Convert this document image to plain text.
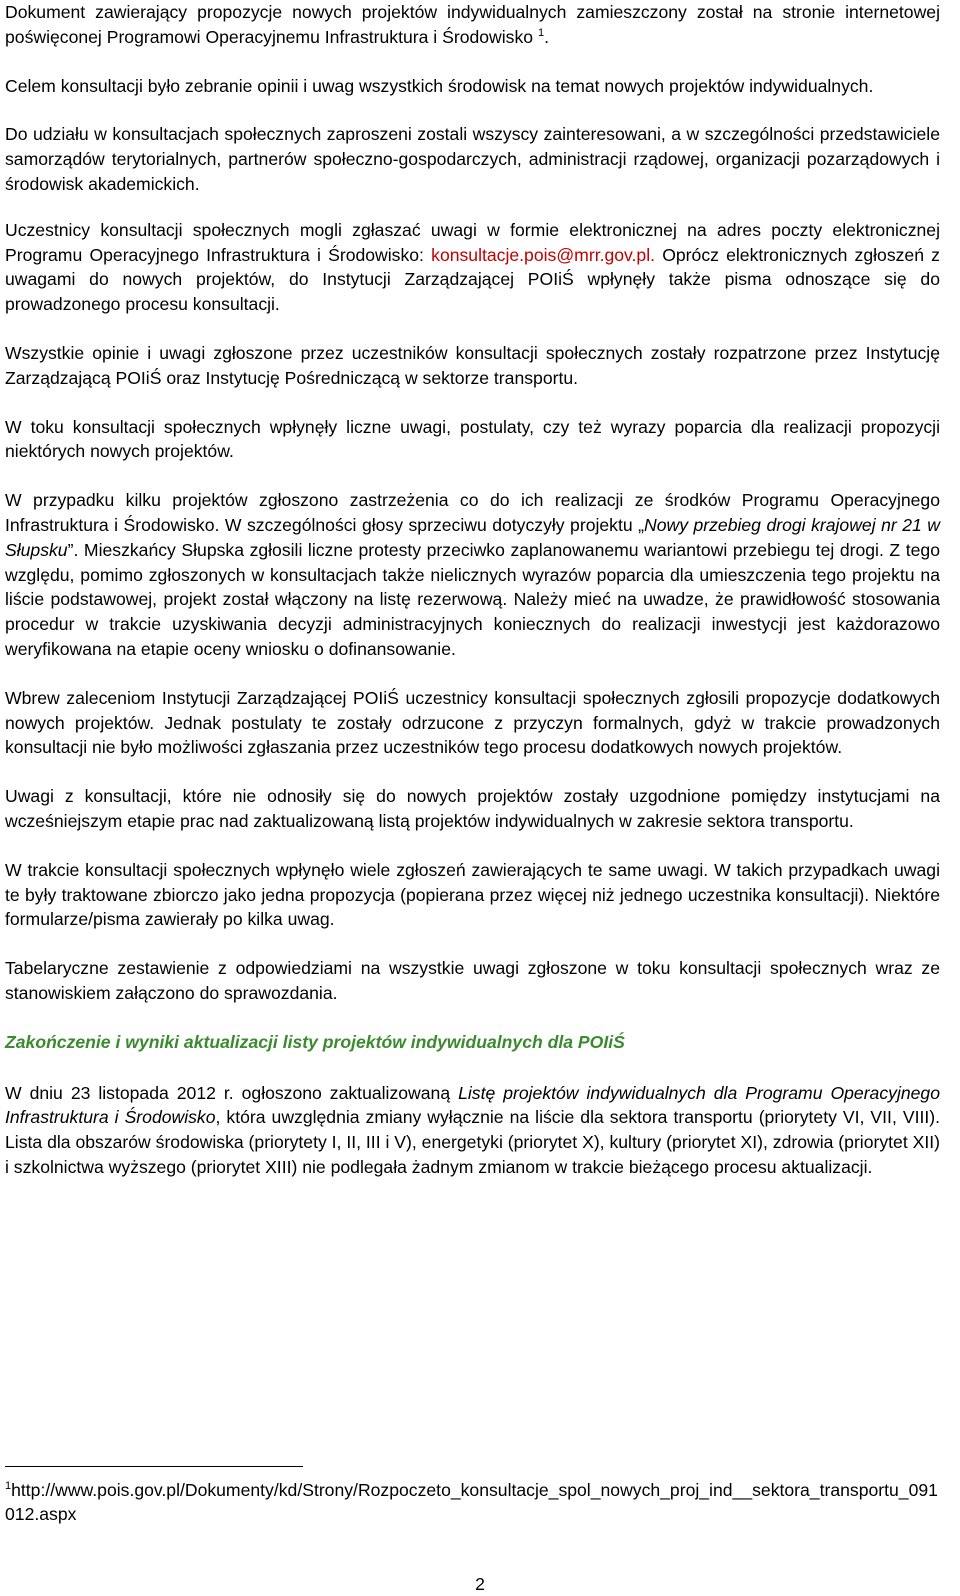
Dokument zawierający propozycje nowych projektów indywidualnych zamieszczony został na stronie internetowej poświęconej Programowi Operacyjnemu Infrastruktura i Środowisko $^1$.

Celem konsultacji było zebranie opinii i uwag wszystkich środowisk na temat nowych projektów indywidualnych.

Do udziału w konsultacjach społecznych zaproszeni zostali wszyscy zainteresowani, a w szczególności przedstawiciele samorządów terytorialnych, partnerów społeczno-gospodarczych, administracji rządowej, organizacji pozarządowych i środowisk akademickich.

Uczestnicy konsultacji społecznych mogli zgłaszać uwagi w formie elektronicznej na adres poczty elektronicznej Programu Operacyjnego Infrastruktura i Środowisko: konsultacje.pois@mrr.gov.pl. Oprócz elektronicznych zgłoszeń z uwagami do nowych projektów, do Instytucji Zarządzającej POIiŚ wpłynęły także pisma odnoszące się do prowadzonego procesu konsultacji.

Wszystkie opinie i uwagi zgłoszone przez uczestników konsultacji społecznych zostały rozpatrzone przez Instytucję Zarządzającą POIiŚ oraz Instytucję Pośredniczącą w sektorze transportu.

W toku konsultacji społecznych wpłynęły liczne uwagi, postulaty, czy też wyrazy poparcia dla realizacji propozycji niektórych nowych projektów.

W przypadku kilku projektów zgłoszono zastrzeżenia co do ich realizacji ze środków Programu Operacyjnego Infrastruktura i Środowisko. W szczególności głosy sprzeciwu dotyczyły projektu „Nowy przebieg drogi krajowej nr 21 w Słupsku”. Mieszkańcy Słupska zgłosili liczne protesty przeciwko zaplanowanemu wariantowi przebiegu tej drogi. Z tego względu, pomimo zgłoszonych w konsultacjach także nielicznych wyrazów poparcia dla umieszczenia tego projektu na liście podstawowej, projekt został włączony na listę rezerwową. Należy mieć na uwadze, że prawidłowość stosowania procedur w trakcie uzyskiwania decyzji administracyjnych koniecznych do realizacji inwestycji jest każdorazowo weryfikowana na etapie oceny wniosku o dofinansowanie.

Wbrew zaleceniom Instytucji Zarządzającej POIiŚ uczestnicy konsultacji społecznych zgłosili propozycje dodatkowych nowych projektów. Jednak postulaty te zostały odrzucone z przyczyn formalnych, gdyż w trakcie prowadzonych konsultacji nie było możliwości zgłaszania przez uczestników tego procesu dodatkowych nowych projektów.

Uwagi z konsultacji, które nie odnosiły się do nowych projektów zostały uzgodnione pomiędzy instytucjami na wcześniejszym etapie prac nad zaktualizowaną listą projektów indywidualnych w zakresie sektora transportu.

W trakcie konsultacji społecznych wpłynęło wiele zgłoszeń zawierających te same uwagi. W takich przypadkach uwagi te były traktowane zbiorczo jako jedna propozycja (popierana przez więcej niż jednego uczestnika konsultacji). Niektóre formularze/pisma zawierały po kilka uwag.

Tabelaryczne zestawienie z odpowiedziami na wszystkie uwagi zgłoszone w toku konsultacji społecznych wraz ze stanowiskiem załączono do sprawozdania.

Zakończenie i wyniki aktualizacji listy projektów indywidualnych dla POIiŚ

W dniu 23 listopada 2012 r. ogłoszono zaktualizowaną Listę projektów indywidualnych dla Programu Operacyjnego Infrastruktura i Środowisko, która uwzględnia zmiany wyłącznie na liście dla sektora transportu (priorytety VI, VII, VIII). Lista dla obszarów środowiska (priorytety I, II, III i V), energetyki (priorytet X), kultury (priorytet XI), zdrowia (priorytet XII) i szkolnictwa wyższego (priorytet XIII) nie podlegała żadnym zmianom w trakcie bieżącego procesu aktualizacji.

$^1$http://www.pois.gov.pl/Dokumenty/kd/Strony/Rozpoczeto_konsultacje_spol_nowych_proj_ind__sektora_transportu_091012.aspx
2
